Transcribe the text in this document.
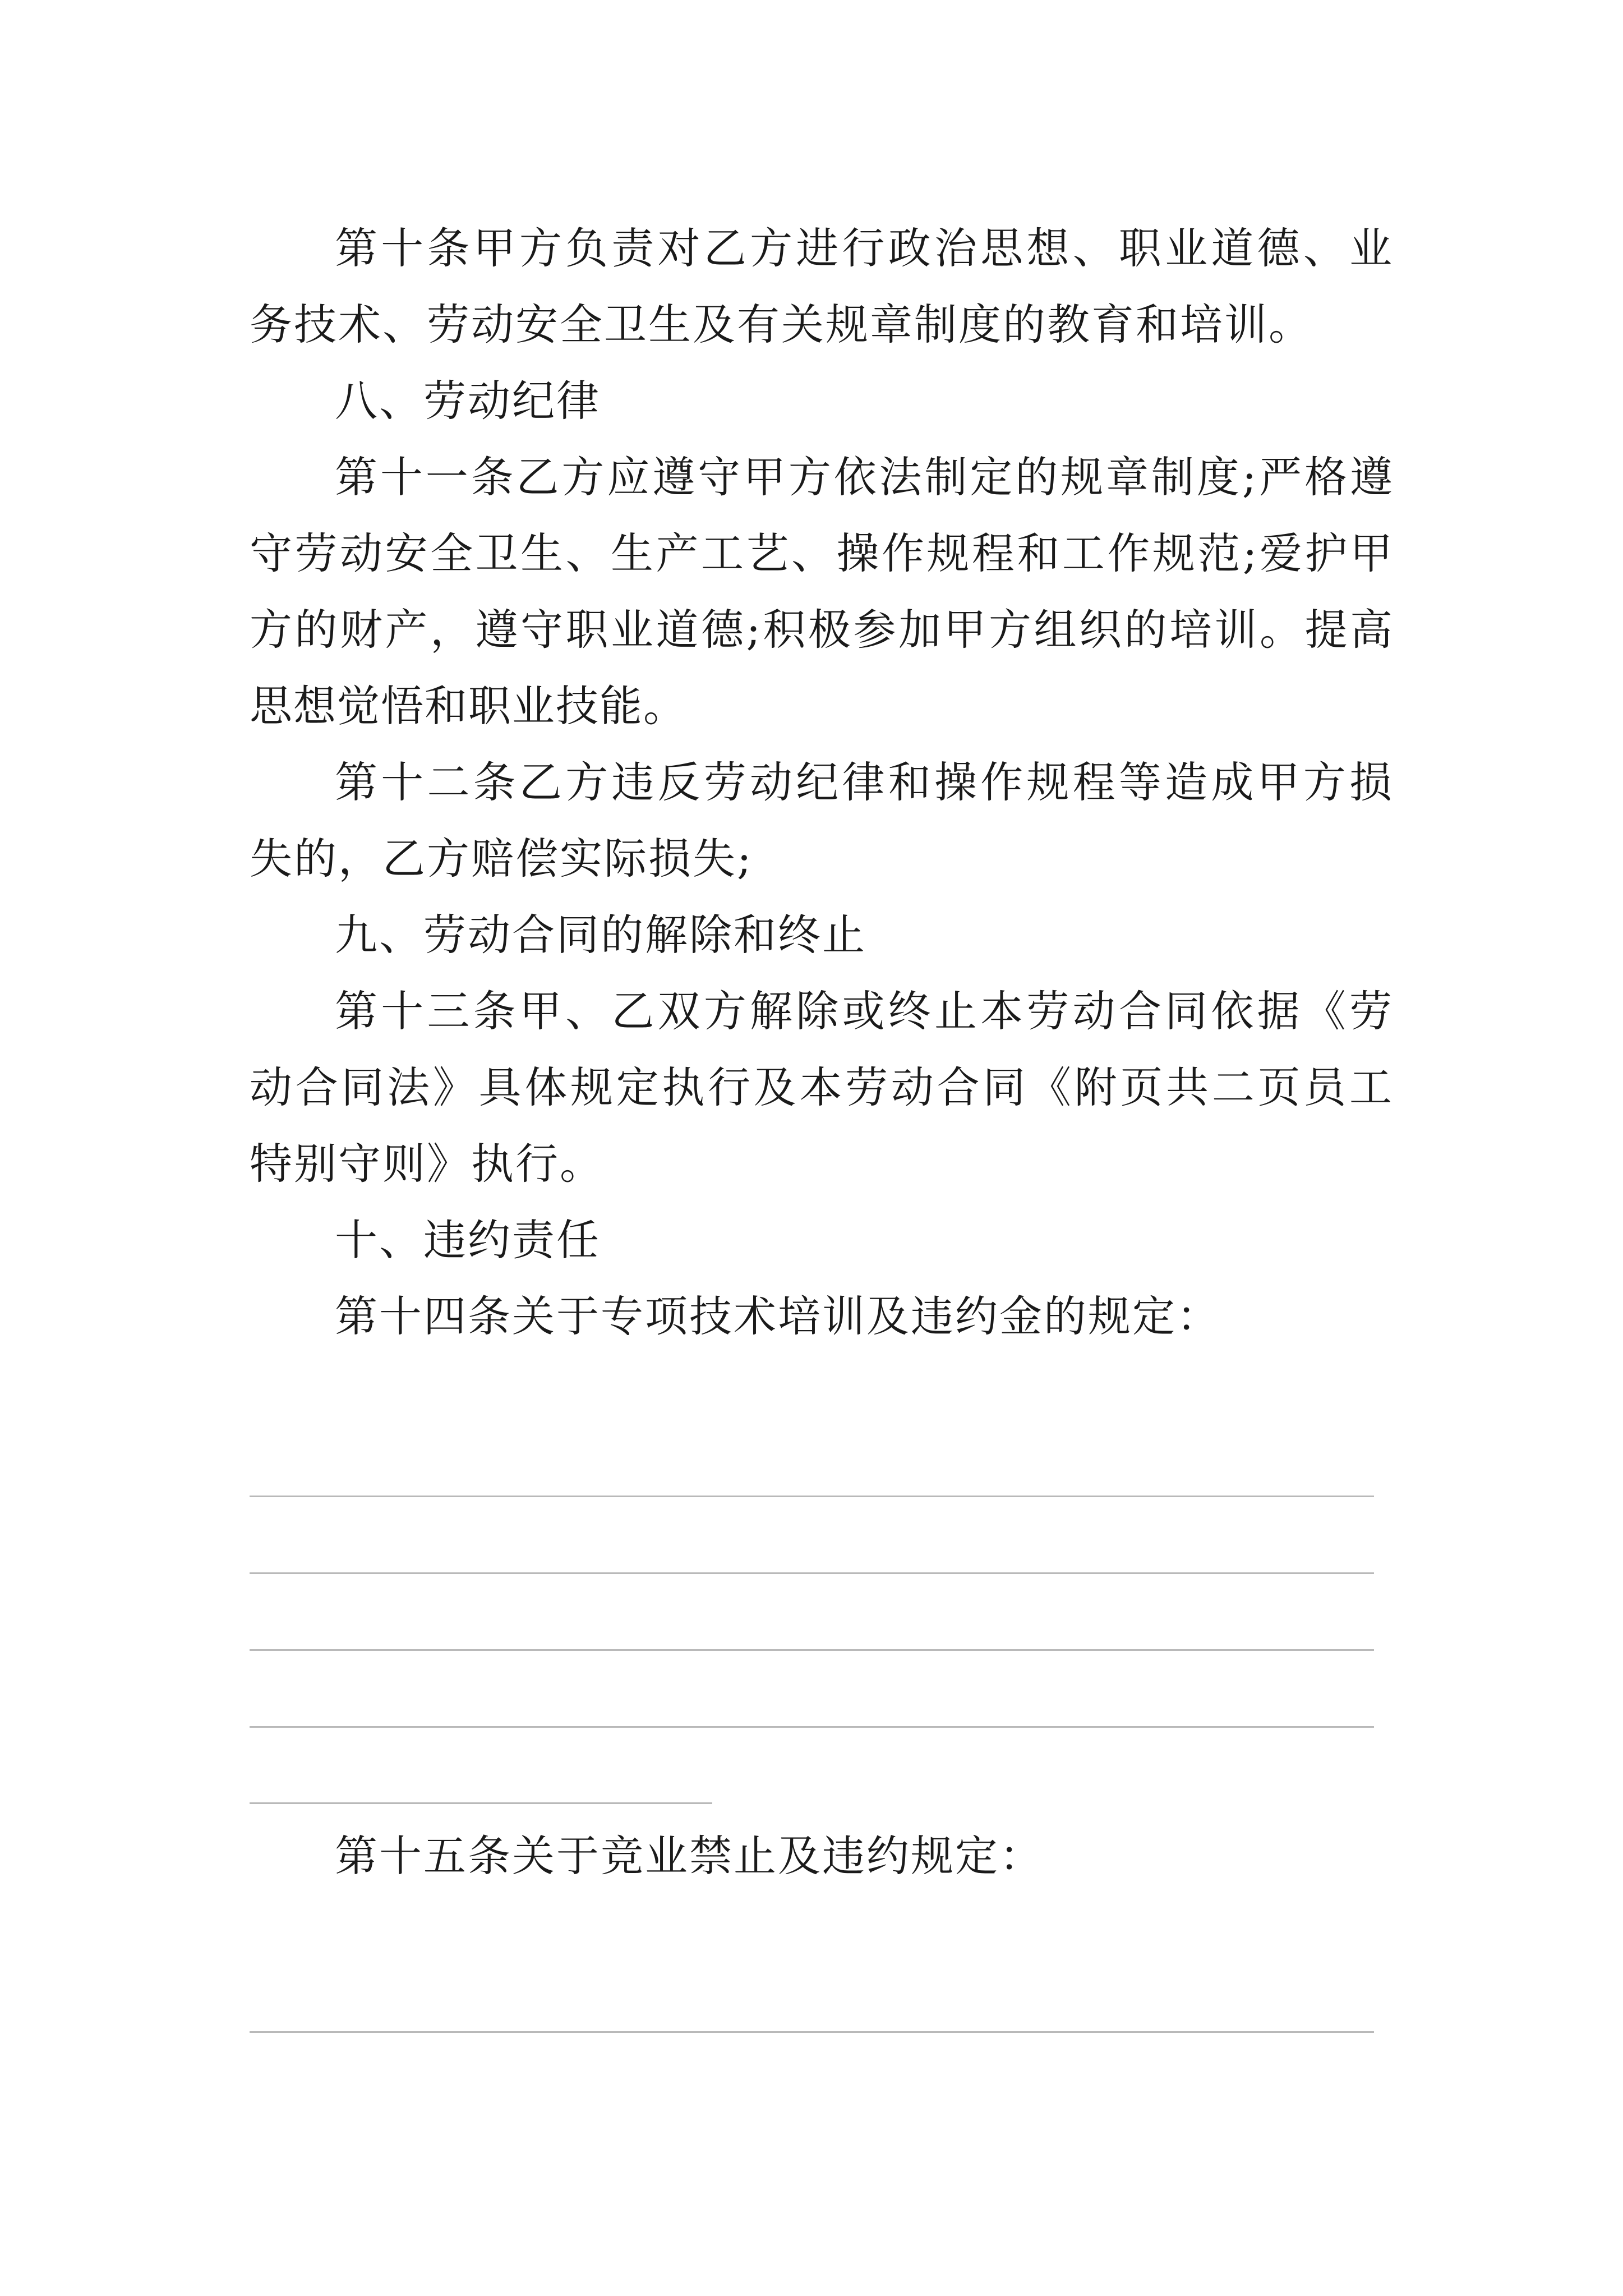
第十条甲方负责对乙方进行政治思想、职业道德、业务技术、劳动安全卫生及有关规章制度的教育和培训。

八、劳动纪律

第十一条乙方应遵守甲方依法制定的规章制度;严格遵守劳动安全卫生、生产工艺、操作规程和工作规范;爱护甲方的财产，遵守职业道德;积极参加甲方组织的培训。提高思想觉悟和职业技能。

第十二条乙方违反劳动纪律和操作规程等造成甲方损失的，乙方赔偿实际损失;

九、劳动合同的解除和终止

第十三条甲、乙双方解除或终止本劳动合同依据《劳动合同法》具体规定执行及本劳动合同《附页共二页员工特别守则》执行。

十、违约责任

第十四条关于专项技术培训及违约金的规定：

第十五条关于竞业禁止及违约规定：
